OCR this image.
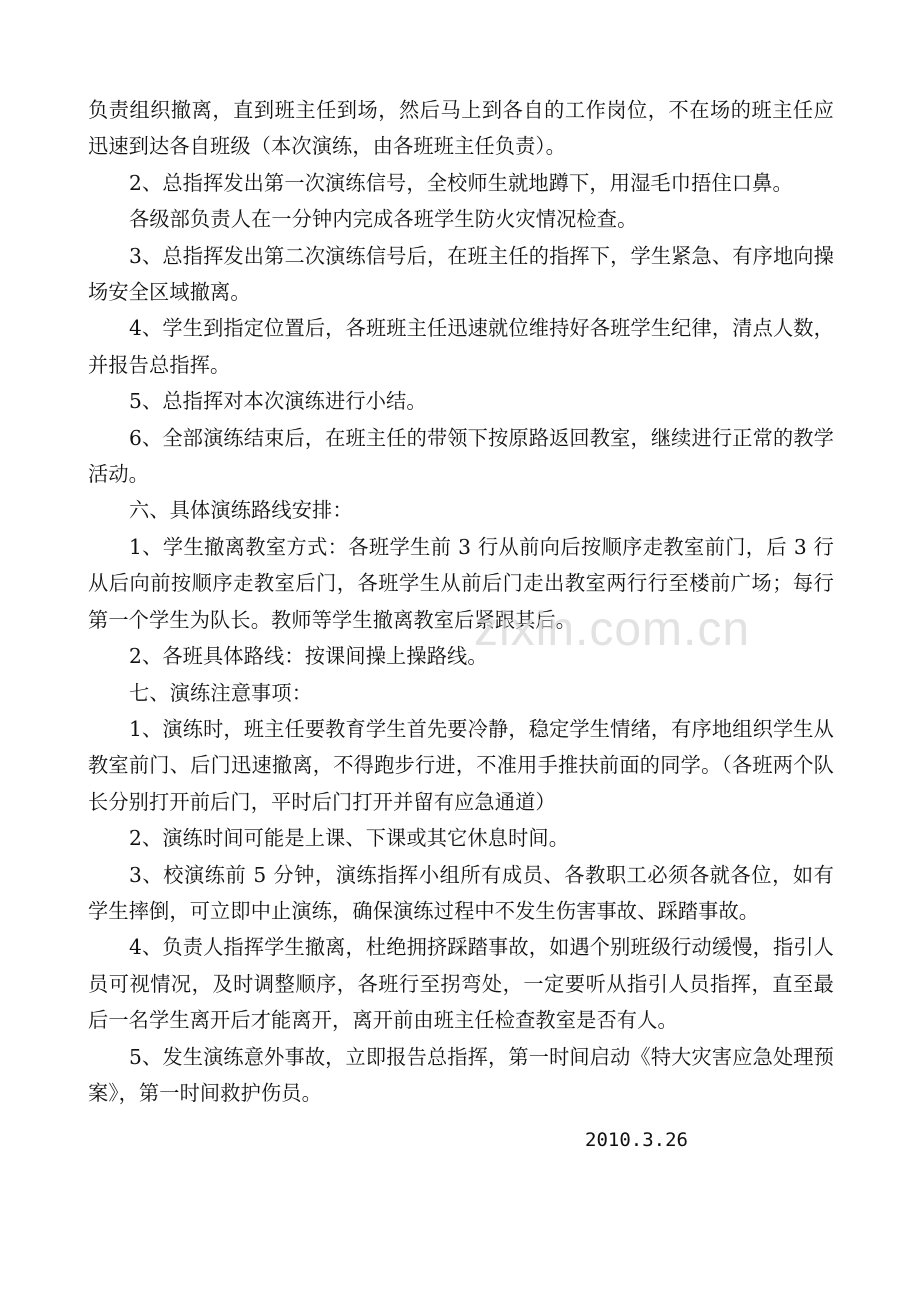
负责组织撤离，直到班主任到场，然后马上到各自的工作岗位，不在场的班主任应迅速到达各自班级（本次演练，由各班班主任负责）。

2、总指挥发出第一次演练信号，全校师生就地蹲下，用湿毛巾捂住口鼻。

各级部负责人在一分钟内完成各班学生防火灾情况检查。

3、总指挥发出第二次演练信号后，在班主任的指挥下，学生紧急、有序地向操场安全区域撤离。

4、学生到指定位置后，各班班主任迅速就位维持好各班学生纪律，清点人数，并报告总指挥。

5、总指挥对本次演练进行小结。

6、全部演练结束后，在班主任的带领下按原路返回教室，继续进行正常的教学活动。

六、具体演练路线安排：

1、学生撤离教室方式：各班学生前 3 行从前向后按顺序走教室前门，后 3 行从后向前按顺序走教室后门，各班学生从前后门走出教室两行行至楼前广场；每行第一个学生为队长。教师等学生撤离教室后紧跟其后。

2、各班具体路线：按课间操上操路线。

七、演练注意事项：

1、演练时，班主任要教育学生首先要冷静，稳定学生情绪，有序地组织学生从教室前门、后门迅速撤离，不得跑步行进，不准用手推扶前面的同学。（各班两个队长分别打开前后门，平时后门打开并留有应急通道）

2、演练时间可能是上课、下课或其它休息时间。

3、校演练前 5 分钟，演练指挥小组所有成员、各教职工必须各就各位，如有学生摔倒，可立即中止演练，确保演练过程中不发生伤害事故、踩踏事故。

4、负责人指挥学生撤离，杜绝拥挤踩踏事故，如遇个别班级行动缓慢，指引人员可视情况，及时调整顺序，各班行至拐弯处，一定要听从指引人员指挥，直至最后一名学生离开后才能离开，离开前由班主任检查教室是否有人。

5、发生演练意外事故，立即报告总指挥，第一时间启动《特大灾害应急处理预案》，第一时间救护伤员。

2010.3.26
zixin.com.cn
